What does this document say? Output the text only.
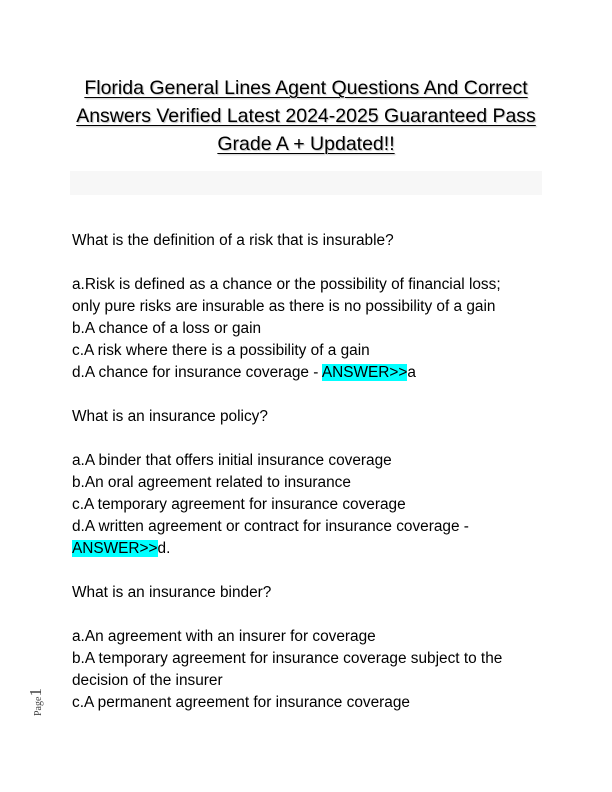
Florida General Lines Agent Questions And Correct
Answers Verified Latest 2024-2025 Guaranteed Pass
Grade A + Updated!!
What is the definition of a risk that is insurable?
a.Risk is defined as a chance or the possibility of financial loss;
only pure risks are insurable as there is no possibility of a gain
b.A chance of a loss or gain
c.A risk where there is a possibility of a gain
d.A chance for insurance coverage - ANSWER>>a
What is an insurance policy?
a.A binder that offers initial insurance coverage
b.An oral agreement related to insurance
c.A temporary agreement for insurance coverage
d.A written agreement or contract for insurance coverage -
ANSWER>>d.
What is an insurance binder?
a.An agreement with an insurer for coverage
b.A temporary agreement for insurance coverage subject to the
decision of the insurer
c.A permanent agreement for insurance coverage
Page1
